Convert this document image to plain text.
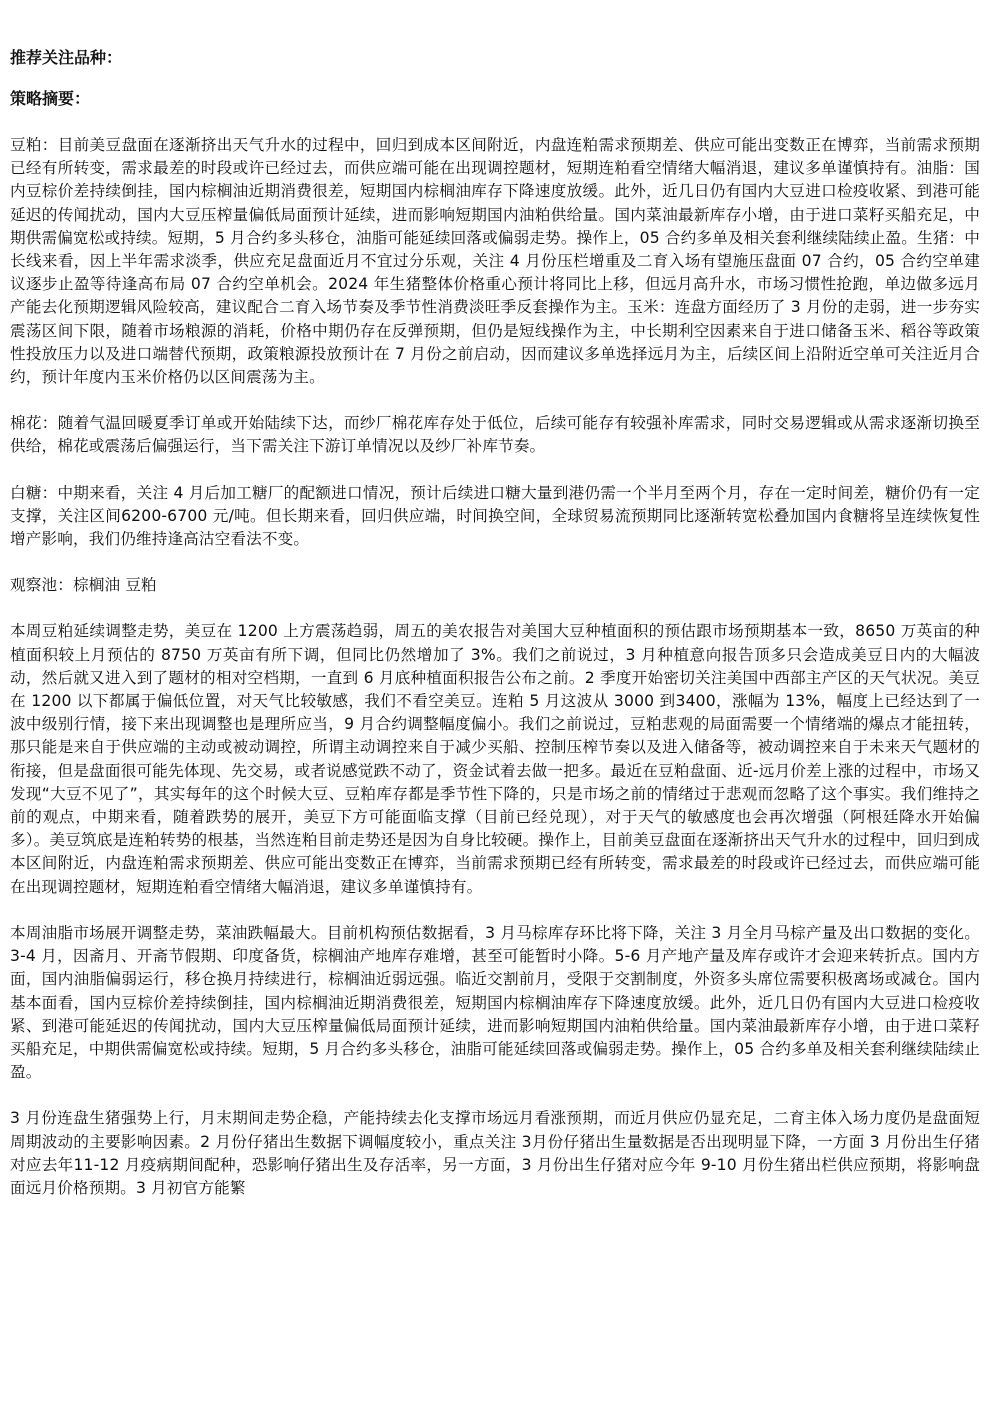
推荐关注品种：

策略摘要：

豆粕：目前美豆盘面在逐渐挤出天气升水的过程中，回归到成本区间附近，内盘连粕需求预期差、供应可能出变数正在博弈，当前需求预期已经有所转变，需求最差的时段或许已经过去，而供应端可能在出现调控题材，短期连粕看空情绪大幅消退，建议多单谨慎持有。油脂：国内豆棕价差持续倒挂，国内棕榈油近期消费很差，短期国内棕榈油库存下降速度放缓。此外，近几日仍有国内大豆进口检疫收紧、到港可能延迟的传闻扰动，国内大豆压榨量偏低局面预计延续，进而影响短期国内油粕供给量。国内菜油最新库存小增，由于进口菜籽买船充足，中期供需偏宽松或持续。短期，5 月合约多头移仓，油脂可能延续回落或偏弱走势。操作上，05 合约多单及相关套利继续陆续止盈。生猪：中长线来看，因上半年需求淡季，供应充足盘面近月不宜过分乐观，关注 4 月份压栏增重及二育入场有望施压盘面 07 合约，05 合约空单建议逐步止盈等待逢高布局 07 合约空单机会。2024 年生猪整体价格重心预计将同比上移，但远月高升水，市场习惯性抢跑，单边做多远月产能去化预期逻辑风险较高，建议配合二育入场节奏及季节性消费淡旺季反套操作为主。玉米：连盘方面经历了 3 月份的走弱，进一步夯实震荡区间下限，随着市场粮源的消耗，价格中期仍存在反弹预期，但仍是短线操作为主，中长期利空因素来自于进口储备玉米、稻谷等政策性投放压力以及进口端替代预期，政策粮源投放预计在 7 月份之前启动，因而建议多单选择远月为主，后续区间上沿附近空单可关注近月合约，预计年度内玉米价格仍以区间震荡为主。

棉花：随着气温回暖夏季订单或开始陆续下达，而纱厂棉花库存处于低位，后续可能存有较强补库需求，同时交易逻辑或从需求逐渐切换至供给，棉花或震荡后偏强运行，当下需关注下游订单情况以及纱厂补库节奏。

白糖：中期来看，关注 4 月后加工糖厂的配额进口情况，预计后续进口糖大量到港仍需一个半月至两个月，存在一定时间差，糖价仍有一定支撑，关注区间6200-6700 元/吨。但长期来看，回归供应端，时间换空间，全球贸易流预期同比逐渐转宽松叠加国内食糖将呈连续恢复性增产影响，我们仍维持逢高沽空看法不变。

观察池：棕榈油 豆粕

本周豆粕延续调整走势，美豆在 1200 上方震荡趋弱，周五的美农报告对美国大豆种植面积的预估跟市场预期基本一致，8650 万英亩的种植面积较上月预估的 8750 万英亩有所下调，但同比仍然增加了 3%。我们之前说过，3 月种植意向报告顶多只会造成美豆日内的大幅波动，然后就又进入到了题材的相对空档期，一直到 6 月底种植面积报告公布之前。2 季度开始密切关注美国中西部主产区的天气状况。美豆在 1200 以下都属于偏低位置，对天气比较敏感，我们不看空美豆。连粕 5 月这波从 3000 到3400，涨幅为 13%，幅度上已经达到了一波中级别行情，接下来出现调整也是理所应当，9 月合约调整幅度偏小。我们之前说过，豆粕悲观的局面需要一个情绪端的爆点才能扭转，那只能是来自于供应端的主动或被动调控，所谓主动调控来自于减少买船、控制压榨节奏以及进入储备等，被动调控来自于未来天气题材的衔接，但是盘面很可能先体现、先交易，或者说感觉跌不动了，资金试着去做一把多。最近在豆粕盘面、近-远月价差上涨的过程中，市场又发现“大豆不见了”，其实每年的这个时候大豆、豆粕库存都是季节性下降的，只是市场之前的情绪过于悲观而忽略了这个事实。我们维持之前的观点，中期来看，随着跌势的展开，美豆下方可能面临支撑（目前已经兑现），对于天气的敏感度也会再次增强（阿根廷降水开始偏多）。美豆筑底是连粕转势的根基，当然连粕目前走势还是因为自身比较硬。操作上，目前美豆盘面在逐渐挤出天气升水的过程中，回归到成本区间附近，内盘连粕需求预期差、供应可能出变数正在博弈，当前需求预期已经有所转变，需求最差的时段或许已经过去，而供应端可能在出现调控题材，短期连粕看空情绪大幅消退，建议多单谨慎持有。

本周油脂市场展开调整走势，菜油跌幅最大。目前机构预估数据看，3 月马棕库存环比将下降，关注 3 月全月马棕产量及出口数据的变化。3-4 月，因斋月、开斋节假期、印度备货，棕榈油产地库存难增，甚至可能暂时小降。5-6 月产地产量及库存或许才会迎来转折点。国内方面，国内油脂偏弱运行，移仓换月持续进行，棕榈油近弱远强。临近交割前月，受限于交割制度，外资多头席位需要积极离场或减仓。国内基本面看，国内豆棕价差持续倒挂，国内棕榈油近期消费很差，短期国内棕榈油库存下降速度放缓。此外，近几日仍有国内大豆进口检疫收紧、到港可能延迟的传闻扰动，国内大豆压榨量偏低局面预计延续，进而影响短期国内油粕供给量。国内菜油最新库存小增，由于进口菜籽买船充足，中期供需偏宽松或持续。短期，5 月合约多头移仓，油脂可能延续回落或偏弱走势。操作上，05 合约多单及相关套利继续陆续止盈。

3 月份连盘生猪强势上行，月末期间走势企稳，产能持续去化支撑市场远月看涨预期，而近月供应仍显充足，二育主体入场力度仍是盘面短周期波动的主要影响因素。2 月份仔猪出生数据下调幅度较小，重点关注 3月份仔猪出生量数据是否出现明显下降，一方面 3 月份出生仔猪对应去年11-12 月疫病期间配种，恐影响仔猪出生及存活率，另一方面，3 月份出生仔猪对应今年 9-10 月份生猪出栏供应预期，将影响盘面远月价格预期。3 月初官方能繁
